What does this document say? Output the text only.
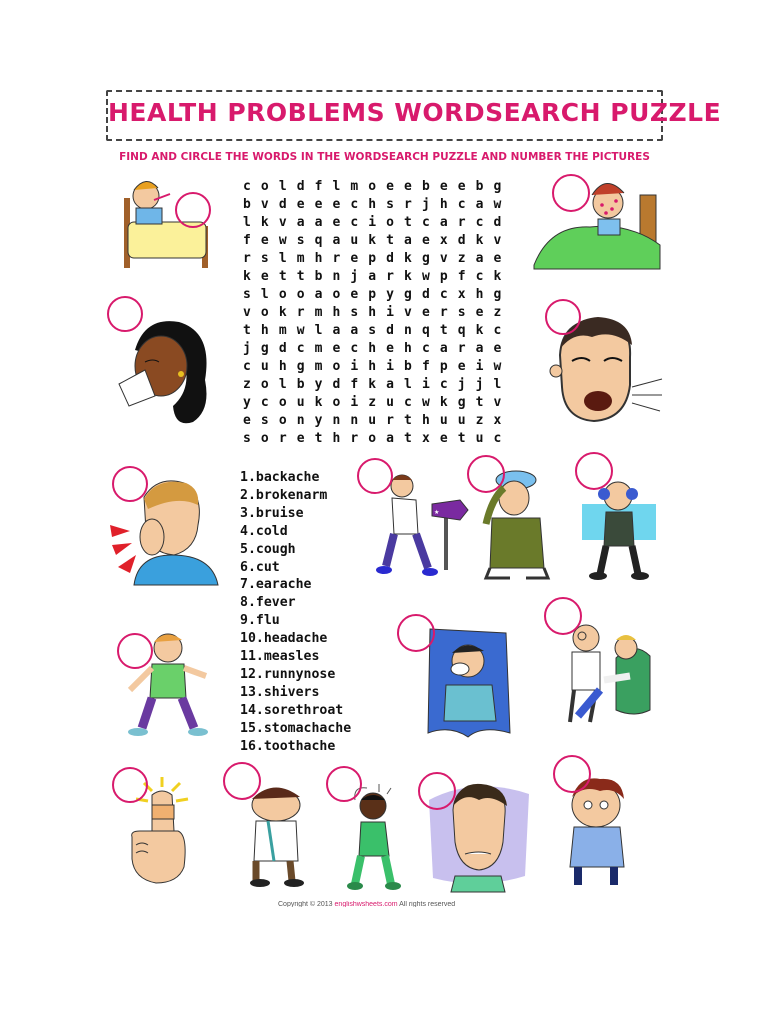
HEALTH PROBLEMS WORDSEARCH PUZZLE
FIND AND CIRCLE THE WORDS IN THE WORDSEARCH PUZZLE AND NUMBER THE PICTURES
c o l d f l m o e e b e e b g
b v d e e e c h s r j h c a w
l k v a a e c i o t c a r c d
f e w s q a u k t a e x d k v
r s l m h r e p d k g v z a e
k e t t b n j a r k w p f c k
s l o o a o e p y g d c x h g
v o k r m h s h i v e r s e z
t h m w l a a s d n q t q k c
j g d c m e c h e h c a r a e
c u h g m o i h i b f p e i w
z o l b y d f k a l i c j j l
y c o u k o i z u c w k g t v
e s o n y n n u r t h u u z x
s o r e t h r o a t x e t u c
1.backache
2.brokenarm
3.bruise
4.cold
5.cough
6.cut
7.earache
8.fever
9.flu
10.headache
11.measles
12.runnynose
13.shivers
14.sorethroat
15.stomachache
16.toothache
★
Copyright © 2013 englishwsheets.com All rights reserved
